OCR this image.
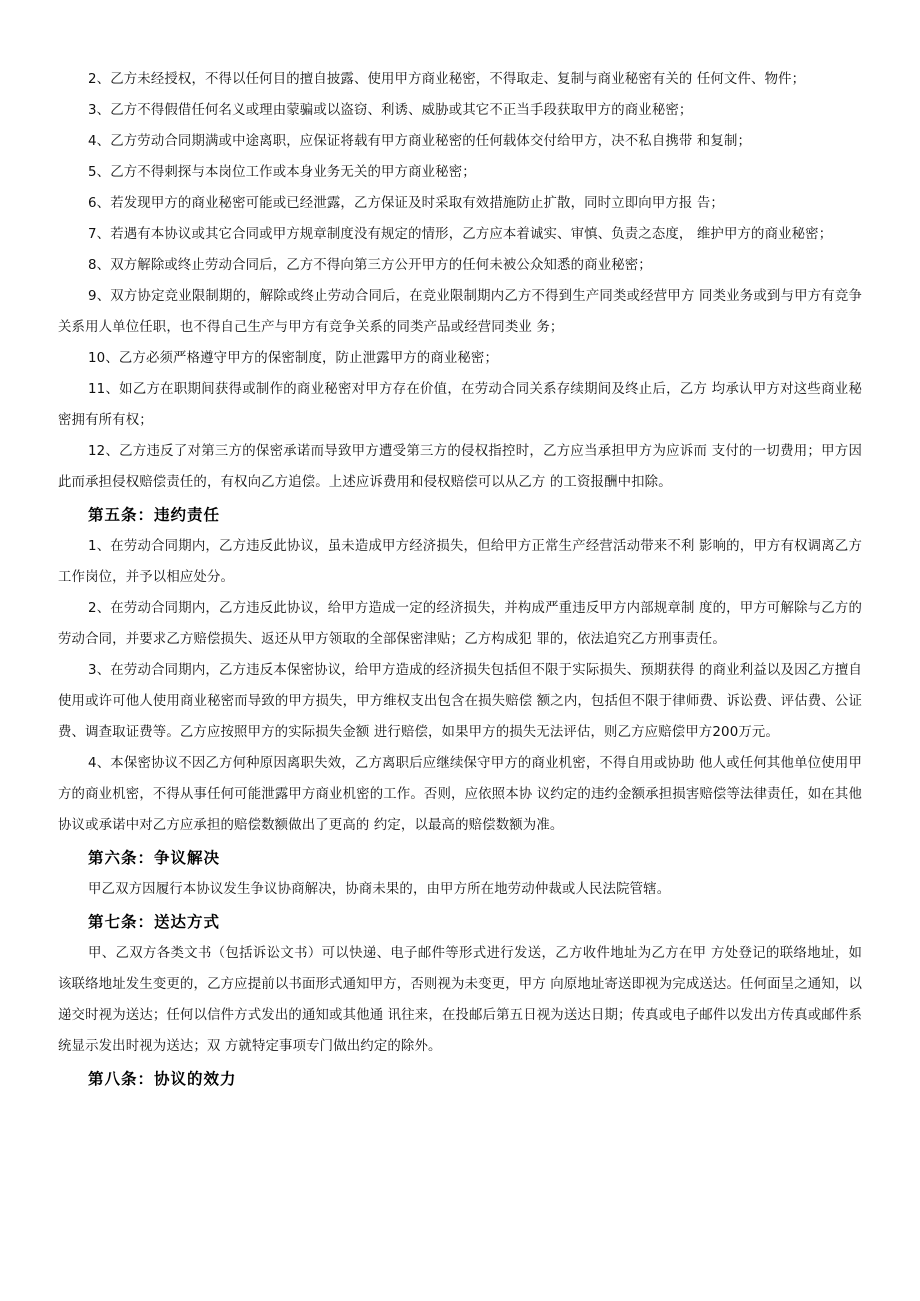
2、乙方未经授权，不得以任何目的擅自披露、使用甲方商业秘密，不得取走、复制与商业秘密有关的 任何文件、物件；

3、乙方不得假借任何名义或理由蒙骗或以盗窃、利诱、威胁或其它不正当手段获取甲方的商业秘密；

4、乙方劳动合同期满或中途离职，应保证将载有甲方商业秘密的任何载体交付给甲方，决不私自携带 和复制；

5、乙方不得刺探与本岗位工作或本身业务无关的甲方商业秘密；

6、若发现甲方的商业秘密可能或已经泄露，乙方保证及时采取有效措施防止扩散，同时立即向甲方报 告；

7、若遇有本协议或其它合同或甲方规章制度没有规定的情形，乙方应本着诚实、审慎、负责之态度， 维护甲方的商业秘密；

8、双方解除或终止劳动合同后，乙方不得向第三方公开甲方的任何未被公众知悉的商业秘密；

9、双方协定竞业限制期的，解除或终止劳动合同后，在竞业限制期内乙方不得到生产同类或经营甲方 同类业务或到与甲方有竞争关系用人单位任职，也不得自己生产与甲方有竞争关系的同类产品或经营同类业 务；

10、乙方必须严格遵守甲方的保密制度，防止泄露甲方的商业秘密；

11、如乙方在职期间获得或制作的商业秘密对甲方存在价值，在劳动合同关系存续期间及终止后，乙方 均承认甲方对这些商业秘密拥有所有权；

12、乙方违反了对第三方的保密承诺而导致甲方遭受第三方的侵权指控时，乙方应当承担甲方为应诉而 支付的一切费用；甲方因此而承担侵权赔偿责任的，有权向乙方追偿。上述应诉费用和侵权赔偿可以从乙方 的工资报酬中扣除。

第五条：违约责任

1、在劳动合同期内，乙方违反此协议，虽未造成甲方经济损失，但给甲方正常生产经营活动带来不利 影响的，甲方有权调离乙方工作岗位，并予以相应处分。

2、在劳动合同期内，乙方违反此协议，给甲方造成一定的经济损失，并构成严重违反甲方内部规章制 度的，甲方可解除与乙方的劳动合同，并要求乙方赔偿损失、返还从甲方领取的全部保密津贴；乙方构成犯 罪的，依法追究乙方刑事责任。

3、在劳动合同期内，乙方违反本保密协议，给甲方造成的经济损失包括但不限于实际损失、预期获得 的商业利益以及因乙方擅自使用或许可他人使用商业秘密而导致的甲方损失，甲方维权支出包含在损失赔偿 额之内，包括但不限于律师费、诉讼费、评估费、公证费、调查取证费等。乙方应按照甲方的实际损失金额 进行赔偿，如果甲方的损失无法评估，则乙方应赔偿甲方200万元。

4、本保密协议不因乙方何种原因离职失效，乙方离职后应继续保守甲方的商业机密，不得自用或协助 他人或任何其他单位使用甲方的商业机密，不得从事任何可能泄露甲方商业机密的工作。否则，应依照本协 议约定的违约金额承担损害赔偿等法律责任，如在其他协议或承诺中对乙方应承担的赔偿数额做出了更高的 约定，以最高的赔偿数额为准。

第六条：争议解决

甲乙双方因履行本协议发生争议协商解决，协商未果的，由甲方所在地劳动仲裁或人民法院管辖。

第七条：送达方式

甲、乙双方各类文书（包括诉讼文书）可以快递、电子邮件等形式进行发送，乙方收件地址为乙方在甲 方处登记的联络地址，如该联络地址发生变更的，乙方应提前以书面形式通知甲方，否则视为未变更，甲方 向原地址寄送即视为完成送达。任何面呈之通知，以递交时视为送达；任何以信件方式发出的通知或其他通 讯往来，在投邮后第五日视为送达日期；传真或电子邮件以发出方传真或邮件系统显示发出时视为送达；双 方就特定事项专门做出约定的除外。

第八条：协议的效力
